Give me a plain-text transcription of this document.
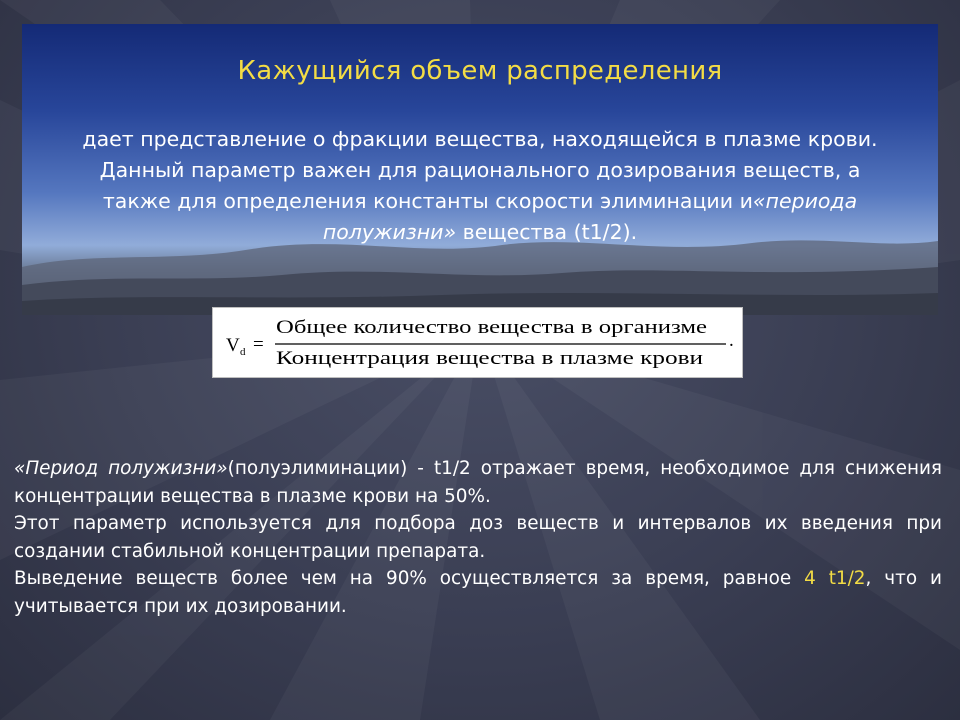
Кажущийся объем распределения

дает представление о фракции вещества, находящейся в плазме крови.
Данный параметр важен для рационального дозирования веществ, а
также для определения константы скорости элиминации и«периода
полужизни» вещества (t1/2).

V d =
Общее количество вещества в организме
Концентрация вещества в плазме крови
.

«Период полужизни»(полуэлиминации) - t1/2 отражает время, необходимое для снижения концентрации вещества в плазме крови на 50%.

Этот параметр используется для подбора доз веществ и интервалов их введения при создании стабильной концентрации препарата.

Выведение веществ более чем на 90% осуществляется за время, равное 4 t1/2, что и учитывается при их дозировании.
